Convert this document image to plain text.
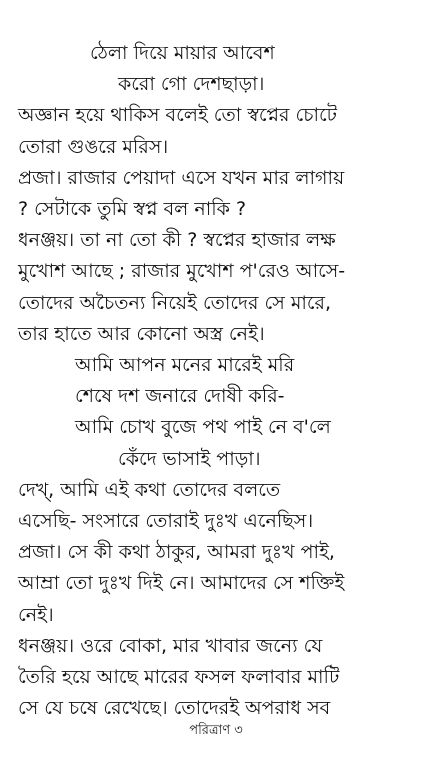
ঠেলা দিয়ে মায়ার আবেশ
করো গো দেশছাড়া।
অজ্ঞান হয়ে থাকিস বলেই তো স্বপ্নের চোটে
তোরা গুঙরে মরিস।
প্রজা। রাজার পেয়াদা এসে যখন মার লাগায়
? সেটাকে তুমি স্বপ্ন বল নাকি ?
ধনঞ্জয়। তা না তো কী ? স্বপ্নের হাজার লক্ষ
মুখোশ আছে ; রাজার মুখোশ প'রেও আসে-
তোদের অচৈতন্য নিয়েই তোদের সে মারে,
তার হাতে আর কোনো অস্ত্র নেই।
আমি আপন মনের মারেই মরি
শেষে দশ জনারে দোষী করি-
আমি চোখ বুজে পথ পাই নে ব'লে
কেঁদে ভাসাই পাড়া।
দেখ্, আমি এই কথা তোদের বলতে
এসেছি- সংসারে তোরাই দুঃখ এনেছিস।
প্রজা। সে কী কথা ঠাকুর, আমরা দুঃখ পাই,
আম্রা তো দুঃখ দিই নে। আমাদের সে শক্তিই
নেই।
ধনঞ্জয়। ওরে বোকা, মার খাবার জন্যে যে
তৈরি হয়ে আছে মারের ফসল ফলাবার মাটি
সে যে চষে রেখেছে। তোদেরই অপরাধ সব
পরিত্রাণ ৩
